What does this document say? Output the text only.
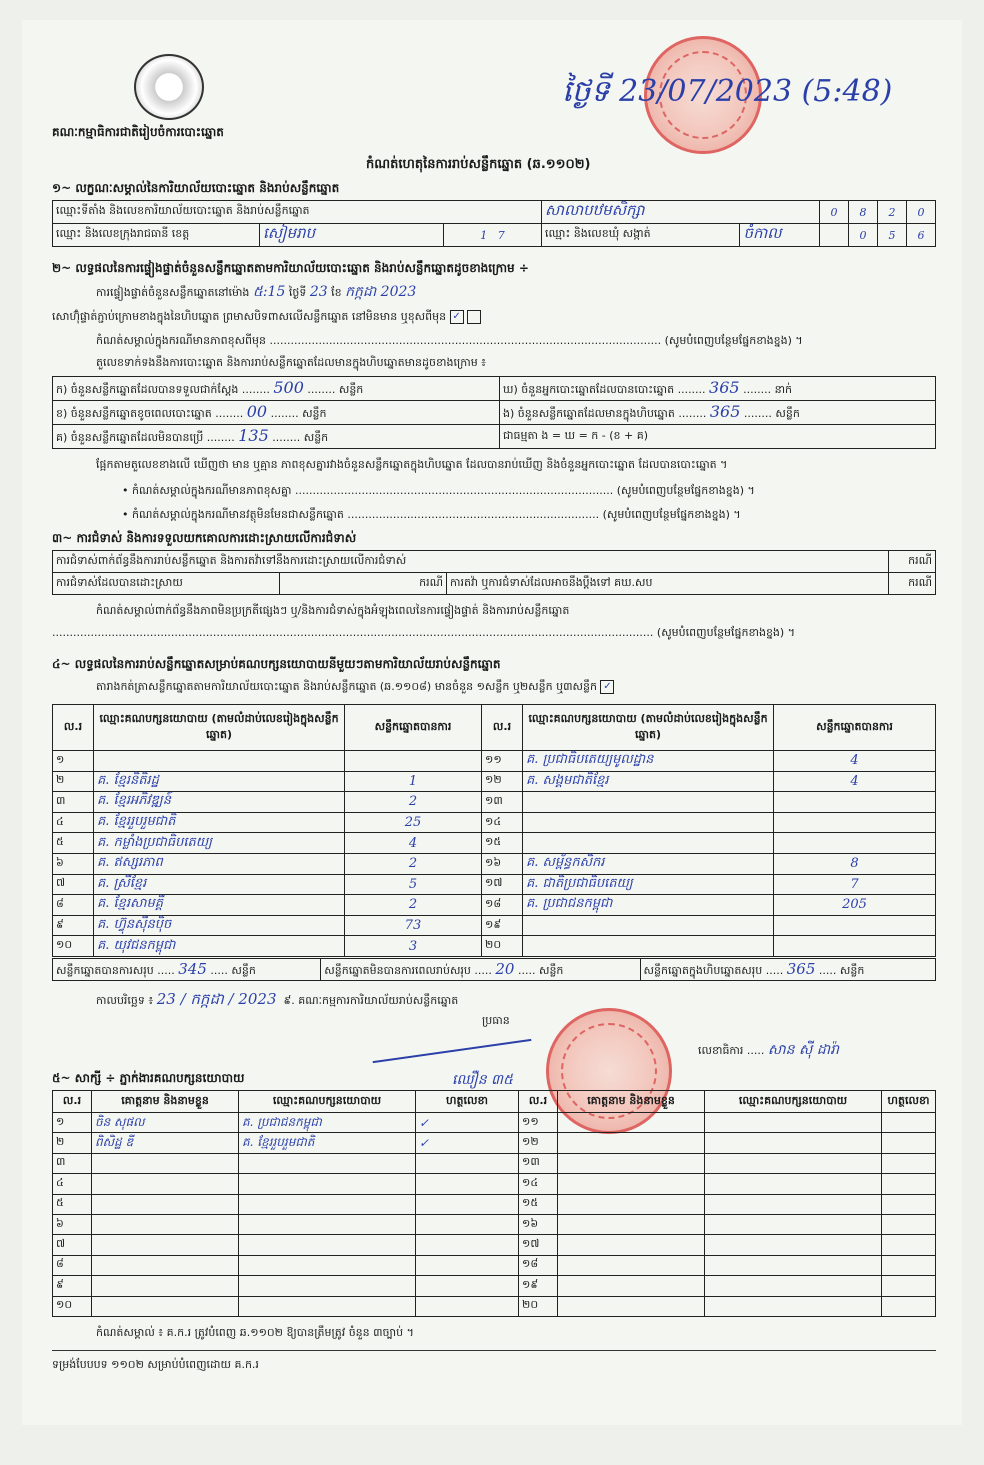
គណៈកម្មាធិការជាតិរៀបចំការបោះឆ្នោត
ថ្ងៃទី 23/07/2023 (5:48)
កំណត់ហេតុនៃការរាប់សន្លឹកឆ្នោត (ឆ.១១០២)
១~ លក្ខណៈសម្គាល់នៃការិយាល័យបោះឆ្នោត និងរាប់សន្លឹកឆ្នោត
ឈ្មោះទីតាំង និងលេខការិយាល័យបោះឆ្នោត និងរាប់សន្លឹកឆ្នោត			សាលាបឋមសិក្សា		0	8	2	0
ឈ្មោះ និងលេខក្រុងរាជធានី ខេត្ត	សៀមរាប	1 7	ឈ្មោះ និងលេខឃុំ សង្កាត់	ចំកាល		0	5	6
២~ លទ្ធផលនៃការផ្ទៀងផ្ទាត់ចំនួនសន្លឹកឆ្នោតតាមការិយាល័យបោះឆ្នោត និងរាប់សន្លឹកឆ្នោតដូចខាងក្រោម ÷
ការផ្ទៀងផ្ទាត់ចំនួនសន្លឹកឆ្នោតនៅម៉ោង ៥:15 ថ្ងៃទី 23 ខែ កក្កដា 2023
សោហ៊ុំផ្ទាត់ភ្ជាប់ក្រោមខាងក្នុងនៃហិបឆ្នោត ព្រមាសបិទពាសលើសន្លឹកឆ្នោត នៅមិនមាន ឬខុសពីមុន ✓
កំណត់សម្គាល់ក្នុងករណីមានភាពខុសពីមុន ................................................................................................................ (សូមបំពេញបន្ថែមផ្នែកខាងខ្នង) ។
តួលេខទាក់ទងនឹងការបោះឆ្នោត និងការរាប់សន្លឹកឆ្នោតដែលមានក្នុងហិបឆ្នោតមានដូចខាងក្រោម ៖
ក) ចំនួនសន្លឹកឆ្នោតដែលបានទទួលជាក់ស្តែង ........ 500 ........ សន្លឹក	ឃ) ចំនួនអ្នកបោះឆ្នោតដែលបានបោះឆ្នោត ........ 365 ........ នាក់
ខ) ចំនួនសន្លឹកឆ្នោតខូចពេលបោះឆ្នោត ........ 00 ........ សន្លឹក	ង) ចំនួនសន្លឹកឆ្នោតដែលមានក្នុងហិបឆ្នោត ........ 365 ........ សន្លឹក
គ) ចំនួនសន្លឹកឆ្នោតដែលមិនបានប្រើ ........ 135 ........ សន្លឹក	ជាធម្មតា ង = ឃ = ក - (ខ + គ)
ផ្អែកតាមតួលេខខាងលើ ឃើញថា មាន ឬគ្មាន ភាពខុសគ្នារវាងចំនួនសន្លឹកឆ្នោតក្នុងហិបឆ្នោត ដែលបានរាប់ឃើញ និងចំនួនអ្នកបោះឆ្នោត ដែលបានបោះឆ្នោត ។
• កំណត់សម្គាល់ក្នុងករណីមានភាពខុសគ្នា ........................................................................................... (សូមបំពេញបន្ថែមផ្នែកខាងខ្នង) ។
• កំណត់សម្គាល់ក្នុងករណីមានវត្ថុមិនមែនជាសន្លឹកឆ្នោត ........................................................................ (សូមបំពេញបន្ថែមផ្នែកខាងខ្នង) ។
៣~ ការជំទាស់ និងការទទួលយកគោលការដោះស្រាយលើការជំទាស់
ការជំទាស់ពាក់ព័ន្ធនឹងការរាប់សន្លឹកឆ្នោត និងការតវ៉ាទៅនឹងការដោះស្រាយលើការជំទាស់			ករណី
ការជំទាស់ដែលបានដោះស្រាយ	ករណី	ការតវ៉ា ឬការជំទាស់ដែលអាចនឹងប្តឹងទៅ គឃ.សប	ករណី
កំណត់សម្គាល់ពាក់ព័ន្ធនឹងភាពមិនប្រក្រតីផ្សេងៗ ឬ/និងការជំទាស់ក្នុងអំឡុងពេលនៃការផ្ទៀងផ្ទាត់ និងការរាប់សន្លឹកឆ្នោត
............................................................................................................................................................................ (សូមបំពេញបន្ថែមផ្នែកខាងខ្នង) ។
៤~ លទ្ធផលនៃការរាប់សន្លឹកឆ្នោតសម្រាប់គណបក្សនយោបាយនីមួយៗតាមការិយាល័យរាប់សន្លឹកឆ្នោត
តារាងកត់ត្រាសន្លឹកឆ្នោតតាមការិយាល័យបោះឆ្នោត និងរាប់សន្លឹកឆ្នោត (ឆ.១១០៨) មានចំនួន ១សន្លឹក ឬ២សន្លឹក ឬ៣សន្លឹក ✓
ល.រ	ឈ្មោះគណបក្សនយោបាយ (តាមលំដាប់លេខរៀងក្នុងសន្លឹកឆ្នោត)	សន្លឹកឆ្នោតបានការ	ល.រ	ឈ្មោះគណបក្សនយោបាយ (តាមលំដាប់លេខរៀងក្នុងសន្លឹកឆ្នោត)	សន្លឹកឆ្នោតបានការ
១			១១	គ. ប្រជាធិបតេយ្យមូលដ្ឋាន	4
២	គ. ខ្មែរនិតិរដ្ឋ	1	១២	គ. សង្គមជាតិខ្មែរ	4
៣	គ. ខ្មែរអភិវឌ្ឍន៍	2	១៣		
៤	គ. ខ្មែររួបរួមជាតិ	25	១៤		
៥	គ. កម្លាំងប្រជាធិបតេយ្យ	4	១៥		
៦	គ. ឥស្សរភាព	2	១៦	គ. សម្ព័ន្ធកសិករ	8
៧	គ. ស្រីខ្មែរ	5	១៧	គ. ជាតិប្រជាធិបតេយ្យ	7
៨	គ. ខ្មែរសាមគ្គី	2	១៨	គ. ប្រជាជនកម្ពុជា	205
៩	គ. ហ៊្វុនស៊ីនប៉ិច	73	១៩		
១០	គ. យុវជនកម្ពុជា	3	២០		
សន្លឹកឆ្នោតបានការសរុប ..... 345 ..... សន្លឹក	សន្លឹកឆ្នោតមិនបានការពេលរាប់សរុប ..... 20 ..... សន្លឹក	សន្លឹកឆ្នោតក្នុងហិបឆ្នោតសរុប ..... 365 ..... សន្លឹក
កាលបរិច្ឆេទ ៖ 23 / កក្កដា / 2023 ៩. គណៈកម្មការការិយាល័យរាប់សន្លឹកឆ្នោត
ប្រធាន
ឈឿន ៣៥
លេខាធិការ ..... សាន ស៊ី ដារ៉ា
៥~ សាក្សី ÷ ភ្នាក់ងារគណបក្សនយោបាយ
ល.រ	គោត្តនាម និងនាមខ្លួន	ឈ្មោះគណបក្សនយោបាយ	ហត្ថលេខា	ល.រ	គោត្តនាម និងនាមខ្លួន	ឈ្មោះគណបក្សនយោបាយ	ហត្ថលេខា
១	ចិន សុផល	គ. ប្រជាជនកម្ពុជា	✓	១១			
២	ពិសិដ្ឋ ឌី	គ. ខ្មែររួបរួមជាតិ	✓	១២			
៣				១៣			
៤				១៤			
៥				១៥			
៦				១៦			
៧				១៧			
៨				១៨			
៩				១៩			
១០				២០			
កំណត់សម្គាល់ ៖ គ.ក.រ ត្រូវបំពេញ ឆ.១១០២ ឱ្យបានត្រឹមត្រូវ ចំនួន ៣ច្បាប់ ។
ទម្រង់បែបបទ ១១០២ សម្រាប់បំពេញដោយ គ.ក.រ
